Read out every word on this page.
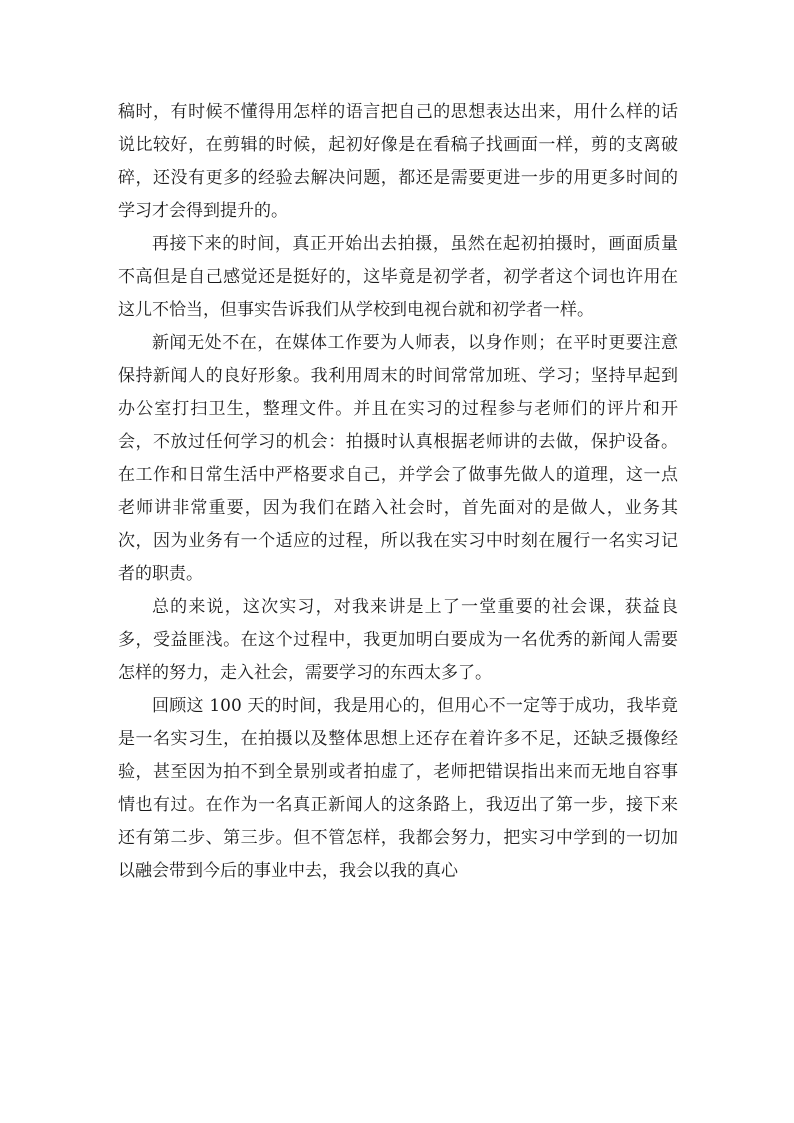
稿时，有时候不懂得用怎样的语言把自己的思想表达出来，用什么样的话说比较好，在剪辑的时候，起初好像是在看稿子找画面一样，剪的支离破碎，还没有更多的经验去解决问题，都还是需要更进一步的用更多时间的学习才会得到提升的。

再接下来的时间，真正开始出去拍摄，虽然在起初拍摄时，画面质量不高但是自己感觉还是挺好的，这毕竟是初学者，初学者这个词也许用在这儿不恰当，但事实告诉我们从学校到电视台就和初学者一样。

新闻无处不在，在媒体工作要为人师表，以身作则；在平时更要注意保持新闻人的良好形象。我利用周末的时间常常加班、学习；坚持早起到办公室打扫卫生，整理文件。并且在实习的过程参与老师们的评片和开会，不放过任何学习的机会：拍摄时认真根据老师讲的去做，保护设备。在工作和日常生活中严格要求自己，并学会了做事先做人的道理，这一点老师讲非常重要，因为我们在踏入社会时，首先面对的是做人，业务其次，因为业务有一个适应的过程，所以我在实习中时刻在履行一名实习记者的职责。

总的来说，这次实习，对我来讲是上了一堂重要的社会课，获益良多，受益匪浅。在这个过程中，我更加明白要成为一名优秀的新闻人需要怎样的努力，走入社会，需要学习的东西太多了。

回顾这 100 天的时间，我是用心的，但用心不一定等于成功，我毕竟是一名实习生，在拍摄以及整体思想上还存在着许多不足，还缺乏摄像经验，甚至因为拍不到全景别或者拍虚了，老师把错误指出来而无地自容事情也有过。在作为一名真正新闻人的这条路上，我迈出了第一步，接下来还有第二步、第三步。但不管怎样，我都会努力，把实习中学到的一切加以融会带到今后的事业中去，我会以我的真心
